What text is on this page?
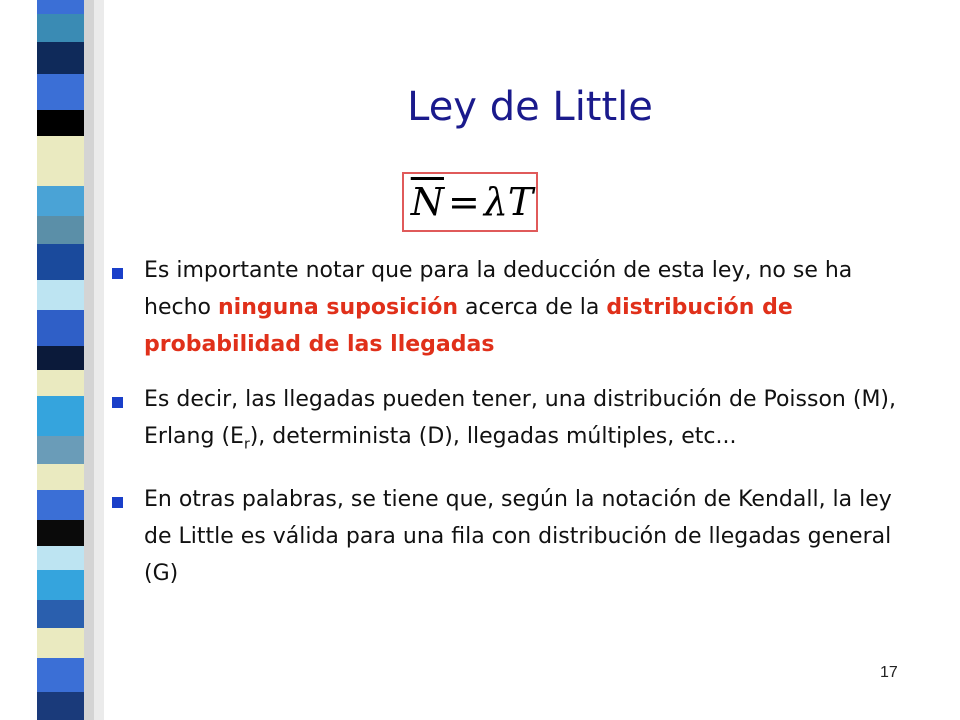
Ley de Little
$\overline{N} = \lambda T$
Es importante notar que para la deducción de esta ley, no se ha hecho ninguna suposición acerca de la distribución de probabilidad de las llegadas
Es decir, las llegadas pueden tener, una distribución de Poisson (M), Erlang $(E_r)$, determinista (D), llegadas múltiples, etc...
En otras palabras, se tiene que, según la notación de Kendall, la ley de Little es válida para una fila con distribución de llegadas general (G)
17
